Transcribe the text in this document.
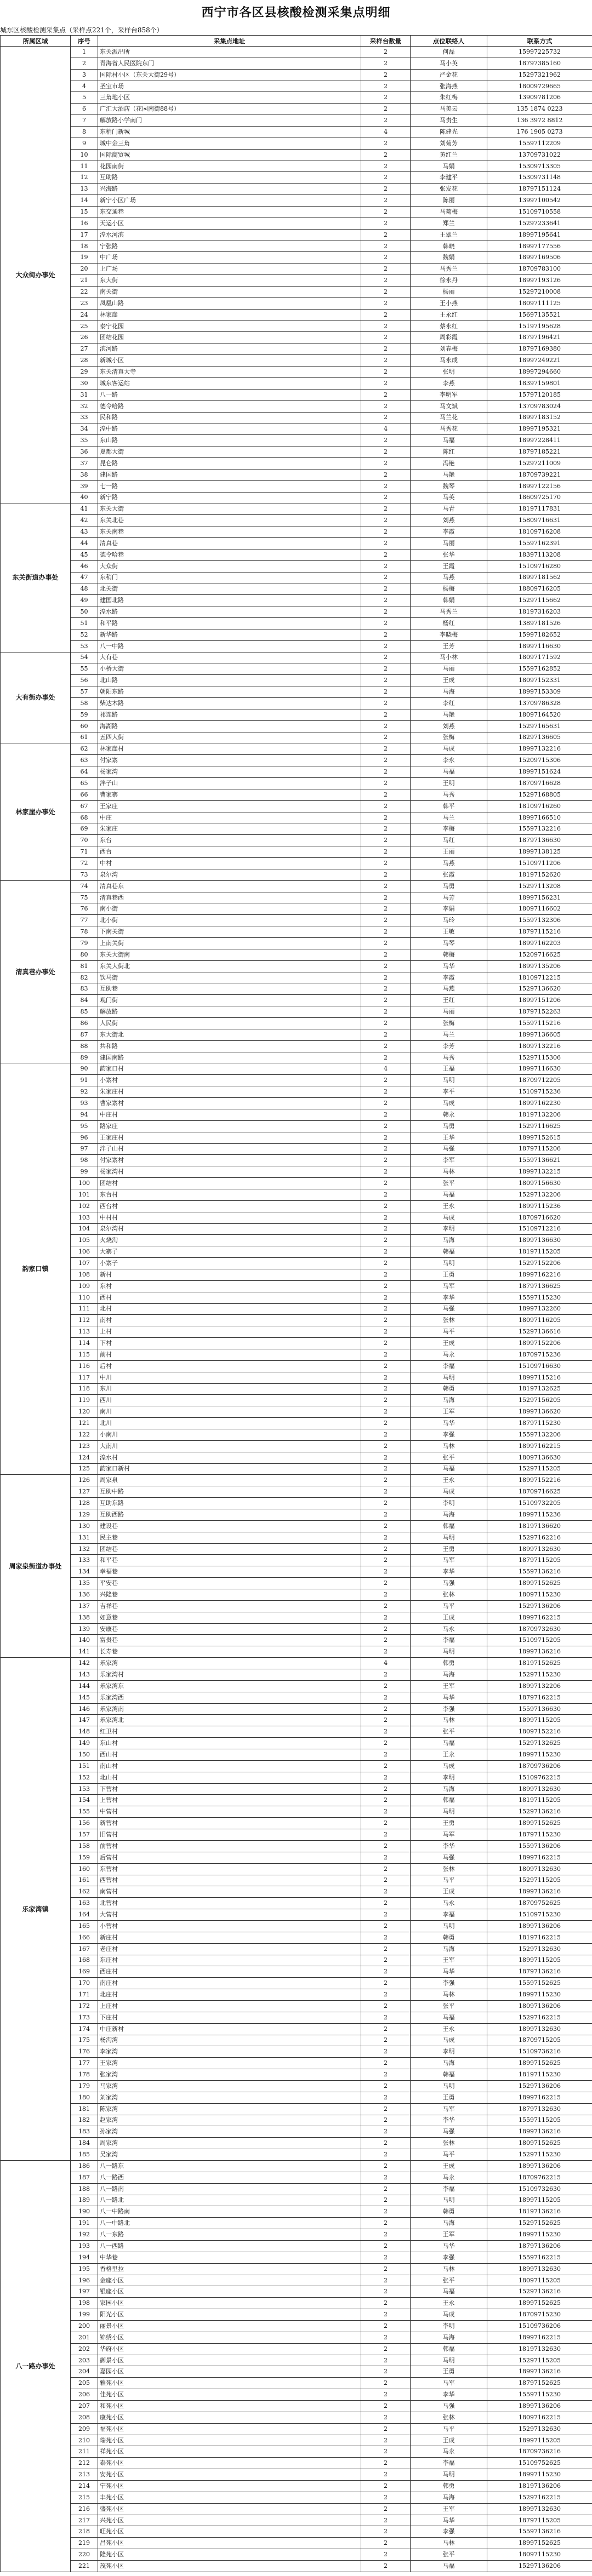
西宁市各区县核酸检测采集点明细
城东区核酸检测采集点（采样点221个，采样台858个）
所属区域	序号	采集点地址	采样台数量	点位联络人	联系方式
大众街办事处	1	东关派出所	2	何磊	15997225732
	2	青海省人民医院东门	2	马小英	18797385160
	3	国际村小区（东关大街29号）	2	严金花	15297321962
	4	圣宝市场	2	张海燕	18009729665
	5	三角地小区	2	朱红梅	13909781206
	6	广汇大酒店（花园南街88号）	2	马美云	135 1874 0223
	7	解放路小学南门	2	马贵生	136 3972 8812
	8	东稍门新城	4	陈建光	176 1905 0273
	9	城中金三角	2	刘菊芳	15597112209
	10	国际商贸城	2	黄红兰	13709731022
	11	花园南街	2	马娟	15309713305
	12	互助路	2	李建平	15309731148
	13	兴海路	2	张发花	18797151124
	14	新宁小区广场	2	陈丽	13997100542
	15	东交通巷	2	马菊梅	15109710558
	16	天运小区	2	郑兰	15297233641
	17	湟水河滨	2	王翠兰	18997195641
	18	宁张路	2	韩晓	18997177556
	19	中广场	2	魏娟	18997169506
	20	上广场	2	马秀兰	18709783100
	21	东大街	2	徐永丹	18997193126
	22	南关街	2	杨丽	15297210008
	23	凤凰山路	2	王小燕	18097111125
	24	林家崖	2	王永红	15697135521
	25	泰宁花园	2	蔡永红	15197195628
	26	团结花园	2	周彩霞	18797196421
	27	滨河路	2	刘春梅	18797169380
	28	新城小区	2	马永成	18997249221
	29	东关清真大寺	2	张明	18997294660
	30	城东客运站	2	李燕	18397159801
	31	八一路	2	李明军	15797120185
	32	德令哈路	2	马文斌	13709783024
	33	民和路	2	马兰花	18997183152
	34	湟中路	4	马秀花	18997195321
	35	东山路	2	马福	18997228411
	36	夏都大街	2	陈红	18797185221
	37	昆仑路	2	冯艳	15297211009
	38	建国路	2	马艳	18709739221
	39	七一路	2	魏琴	18997122156
	40	新宁路	2	马英	18609725170
东关街道办事处	41	东关大街	2	马青	18197117831
	42	东关北巷	2	刘燕	15809716631
	43	东关南巷	2	李霞	18109716208
	44	清真巷	2	马丽	15597162391
	45	德令哈巷	2	张华	18397113208
	46	大众街	2	王霞	15109716280
	47	东稍门	2	马燕	18997181562
	48	北关街	2	杨梅	18809716205
	49	建国北路	2	韩娟	15297115662
	50	湟水路	2	马秀兰	18197316203
	51	和平路	2	杨红	13897181526
	52	新华路	2	李晓梅	15997182652
	53	八一中路	2	王芳	18997116630
大有街办事处	54	大有巷	2	马小林	18097171592
	55	小桥大街	2	马丽	15597162852
	56	北山路	2	王成	18097152331
	57	朝阳东路	2	马海	18997153309
	58	柴达木路	2	李红	13709786328
	59	祁连路	2	马艳	18097164520
	60	海湖路	2	刘燕	15297165631
	61	五四大街	2	张梅	18297136605
林家崖办事处	62	林家崖村	2	马成	18997132216
	63	付家寨	2	李永	15209715306
	64	杨家湾	2	马福	18997151624
	65	泮子山	2	王明	18709716628
	66	曹家寨	2	马秀	15297168805
	67	王家庄	2	韩平	18109716260
	68	中庄	2	马兰	18997166510
	69	朱家庄	2	李梅	15597132216
	70	东台	2	马红	18797136630
	71	西台	2	王丽	18997138125
	72	中村	2	马燕	15109711206
	73	泉尔湾	2	张霞	18197152620
清真巷办事处	74	清真巷东	2	马勇	15297113208
	75	清真巷西	2	马芳	18997156231
	76	南小街	2	李娟	18097116602
	77	北小街	2	马玲	15597132306
	78	下南关街	2	王敏	18797115216
	79	上南关街	2	马琴	18997162203
	80	东关大街南	2	韩梅	15209716625
	81	东关大街北	2	马华	18997135206
	82	饮马街	2	李霞	18109712215
	83	互助巷	2	马燕	15297136620
	84	观门街	2	王红	18997151206
	85	解放路	2	马丽	18797152263
	86	人民街	2	张梅	15597115216
	87	东大街北	2	马兰	18997136605
	88	共和路	2	李芳	18097132216
	89	建国南路	2	马秀	15297115306
韵家口镇	90	韵家口村	4	王福	18997116630
	91	小寨村	2	马明	18709712205
	92	朱家庄村	2	李平	15109715236
	93	曹家寨村	2	马成	18997162230
	94	中庄村	2	韩永	18197132206
	95	路家庄	2	马勇	15297116625
	96	王家庄村	2	王华	18997152615
	97	泮子山村	2	马强	18797115206
	98	付家寨村	2	李军	15597136621
	99	杨家湾村	2	马林	18997132215
	100	团结村	2	张平	18097156630
	101	东台村	2	马福	15297132206
	102	西台村	2	王永	18997115236
	103	中村村	2	马成	18709716620
	104	泉尔湾村	2	李明	15109712216
	105	火烧沟	2	马海	18997136630
	106	大寨子	2	韩福	18197115205
	107	小寨子	2	马明	15297152206
	108	新村	2	王勇	18997162216
	109	东村	2	马军	18797136625
	110	西村	2	李华	15597115230
	111	北村	2	马强	18997132260
	112	南村	2	张林	18097116205
	113	上村	2	马平	15297136616
	114	下村	2	王成	18997152206
	115	前村	2	马永	18709715236
	116	后村	2	李福	15109716630
	117	中川	2	马明	18997115216
	118	东川	2	韩勇	18197132625
	119	西川	2	马海	15297156205
	120	南川	2	王军	18997136620
	121	北川	2	马华	18797115230
	122	小南川	2	李强	15597132206
	123	大南川	2	马林	18997162215
	124	湟水村	2	张平	18097136630
	125	韵家口新村	2	马福	15297115205
周家泉街道办事处	126	周家泉	2	王永	18997152216
	127	互助中路	2	马成	18709716625
	128	互助东路	2	李明	15109732205
	129	互助西路	2	马海	18997115236
	130	建设巷	2	韩福	18197136620
	131	民主巷	2	马明	15297162216
	132	团结巷	2	王勇	18997132630
	133	和平巷	2	马军	18797115205
	134	幸福巷	2	李华	15597136216
	135	平安巷	2	马强	18997152625
	136	兴隆巷	2	张林	18097115230
	137	吉祥巷	2	马平	15297136206
	138	如意巷	2	王成	18997162215
	139	安康巷	2	马永	18709732630
	140	富贵巷	2	李福	15109715205
	141	长寿巷	2	马明	18997136216
乐家湾镇	142	乐家湾	4	韩勇	18197152625
	143	乐家湾村	2	马海	15297115230
	144	乐家湾东	2	王军	18997132206
	145	乐家湾西	2	马华	18797162215
	146	乐家湾南	2	李强	15597136630
	147	乐家湾北	2	马林	18997115205
	148	红卫村	2	张平	18097152216
	149	东山村	2	马福	15297132625
	150	西山村	2	王永	18997115230
	151	南山村	2	马成	18709736206
	152	北山村	2	李明	15109762215
	153	下营村	2	马海	18997132630
	154	上营村	2	韩福	18197115205
	155	中营村	2	马明	15297136216
	156	新营村	2	王勇	18997152625
	157	旧营村	2	马军	18797115230
	158	前营村	2	李华	15597136206
	159	后营村	2	马强	18997162215
	160	东营村	2	张林	18097132630
	161	西营村	2	马平	15297115205
	162	南营村	2	王成	18997136216
	163	北营村	2	马永	18709752625
	164	大营村	2	李福	15109715230
	165	小营村	2	马明	18997136206
	166	新庄村	2	韩勇	18197162215
	167	老庄村	2	马海	15297132630
	168	东庄村	2	王军	18997115205
	169	西庄村	2	马华	18797136216
	170	南庄村	2	李强	15597152625
	171	北庄村	2	马林	18997115230
	172	上庄村	2	张平	18097136206
	173	下庄村	2	马福	15297162215
	174	中庄新村	2	王永	18997132630
	175	杨沟湾	2	马成	18709715205
	176	李家湾	2	李明	15109736216
	177	王家湾	2	马海	18997152625
	178	张家湾	2	韩福	18197115230
	179	马家湾	2	马明	15297136206
	180	刘家湾	2	王勇	18997162215
	181	陈家湾	2	马军	18797132630
	182	赵家湾	2	李华	15597115205
	183	孙家湾	2	马强	18997136216
	184	周家湾	2	张林	18097152625
	185	吴家湾	2	马平	15297115230
八一路办事处	186	八一路东	2	王成	18997136206
	187	八一路西	2	马永	18709762215
	188	八一路南	2	李福	15109732630
	189	八一路北	2	马明	18997115205
	190	八一中路南	2	韩勇	18197136216
	191	八一中路北	2	马海	15297152625
	192	八一东路	2	王军	18997115230
	193	八一西路	2	马华	18797136206
	194	中华巷	2	李强	15597162215
	195	香格里拉	2	马林	18997132630
	196	金座小区	2	张平	18097115205
	197	银座小区	2	马福	15297136216
	198	家园小区	2	王永	18997152625
	199	阳光小区	2	马成	18709715230
	200	丽景小区	2	李明	15109736206
	201	锦绣小区	2	马海	18997162215
	202	华府小区	2	韩福	18197132630
	203	御景小区	2	马明	15297115205
	204	嘉园小区	2	王勇	18997136216
	205	雅苑小区	2	马军	18797152625
	206	佳苑小区	2	李华	15597115230
	207	和苑小区	2	马强	18997136206
	208	康苑小区	2	张林	18097162215
	209	福苑小区	2	马平	15297132630
	210	瑞苑小区	2	王成	18997115205
	211	祥苑小区	2	马永	18709736216
	212	泰苑小区	2	李福	15109752625
	213	安苑小区	2	马明	18997115230
	214	宁苑小区	2	韩勇	18197136206
	215	丰苑小区	2	马海	15297162215
	216	盛苑小区	2	王军	18997132630
	217	兴苑小区	2	马华	18797115205
	218	旺苑小区	2	李强	15597136216
	219	昌苑小区	2	马林	18997152625
	220	隆苑小区	2	张平	18097115230
	221	茂苑小区	2	马福	15297136206
